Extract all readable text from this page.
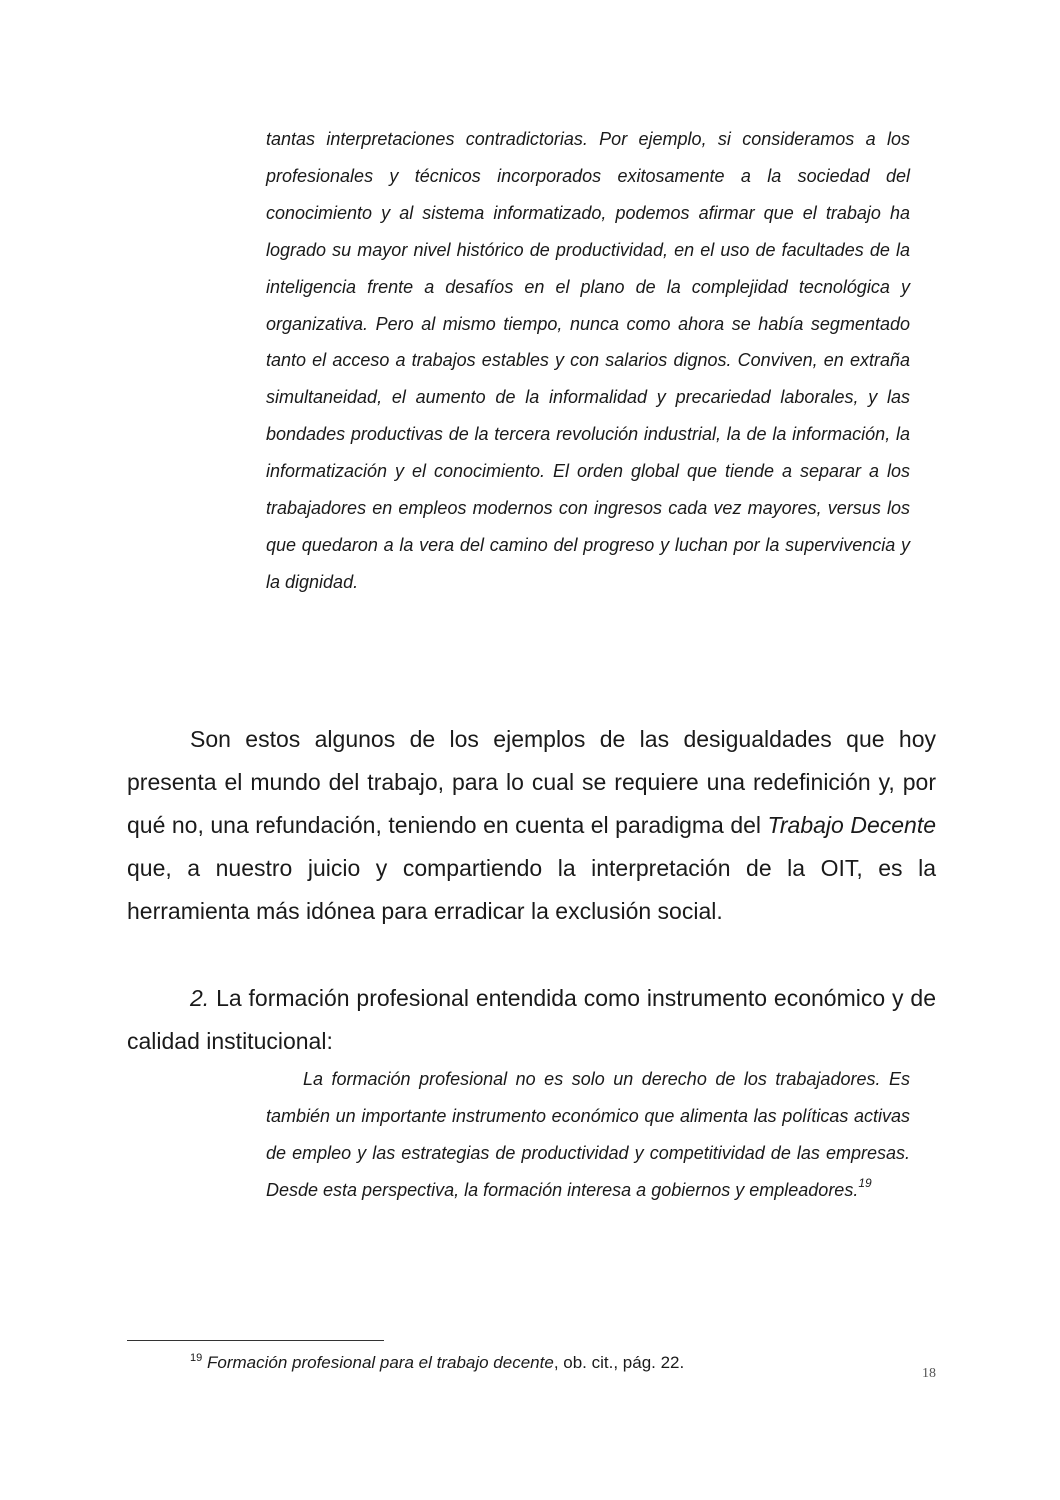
tantas interpretaciones contradictorias. Por ejemplo, si consideramos a los profesionales y técnicos incorporados exitosamente a la sociedad del conocimiento y al sistema informatizado, podemos afirmar que el trabajo ha logrado su mayor nivel histórico de productividad, en el uso de facultades de la inteligencia frente a desafíos en el plano de la complejidad tecnológica y organizativa. Pero al mismo tiempo, nunca como ahora se había segmentado tanto el acceso a trabajos estables y con salarios dignos. Conviven, en extraña simultaneidad, el aumento de la informalidad y precariedad laborales, y las bondades productivas de la tercera revolución industrial, la de la información, la informatización y el conocimiento. El orden global que tiende a separar a los trabajadores en empleos modernos con ingresos cada vez mayores, versus los que quedaron a la vera del camino del progreso y luchan por la supervivencia y la dignidad.

Son estos algunos de los ejemplos de las desigualdades que hoy presenta el mundo del trabajo, para lo cual se requiere una redefinición y, por qué no, una refundación, teniendo en cuenta el paradigma del Trabajo Decente que, a nuestro juicio y compartiendo la interpretación de la OIT, es la herramienta más idónea para erradicar la exclusión social.

2. La formación profesional entendida como instrumento económico y de calidad institucional:

La formación profesional no es solo un derecho de los trabajadores. Es también un importante instrumento económico que alimenta las políticas activas de empleo y las estrategias de productividad y competitividad de las empresas. Desde esta perspectiva, la formación interesa a gobiernos y empleadores.$^{19}$

$^{19}$ Formación profesional para el trabajo decente, ob. cit., pág. 22.

18
